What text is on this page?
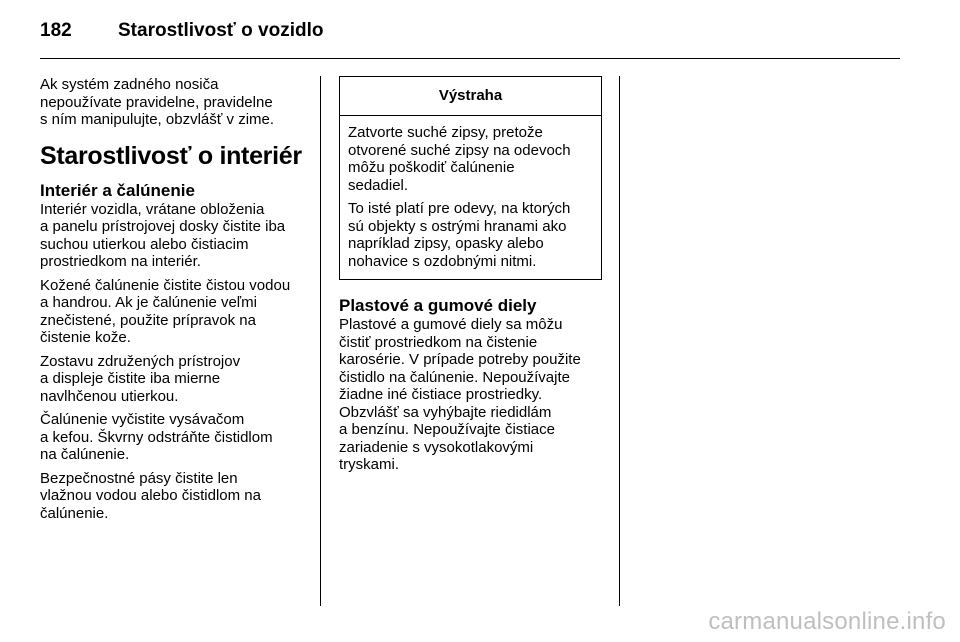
182	Starostlivosť o vozidlo

Ak systém zadného nosiča
nepoužívate pravidelne, pravidelne
s ním manipulujte, obzvlášť v zime.

Starostlivosť o interiér
Interiér a čalúnenie

Interiér vozidla, vrátane obloženia
a panelu prístrojovej dosky čistite iba
suchou utierkou alebo čistiacim
prostriedkom na interiér.

Kožené čalúnenie čistite čistou vodou
a handrou. Ak je čalúnenie veľmi
znečistené, použite prípravok na
čistenie kože.

Zostavu združených prístrojov
a displeje čistite iba mierne
navlhčenou utierkou.

Čalúnenie vyčistite vysávačom
a kefou. Škvrny odstráňte čistidlom
na čalúnenie.

Bezpečnostné pásy čistite len
vlažnou vodou alebo čistidlom na
čalúnenie.

Výstraha

Zatvorte suché zipsy, pretože
otvorené suché zipsy na odevoch
môžu poškodiť čalúnenie
sedadiel.

To isté platí pre odevy, na ktorých
sú objekty s ostrými hranami ako
napríklad zipsy, opasky alebo
nohavice s ozdobnými nitmi.

Plastové a gumové diely

Plastové a gumové diely sa môžu
čistiť prostriedkom na čistenie
karosérie. V prípade potreby použite
čistidlo na čalúnenie. Nepoužívajte
žiadne iné čistiace prostriedky.
Obzvlášť sa vyhýbajte riedidlám
a benzínu. Nepoužívajte čistiace
zariadenie s vysokotlakovými
tryskami.

carmanualsonline.info
